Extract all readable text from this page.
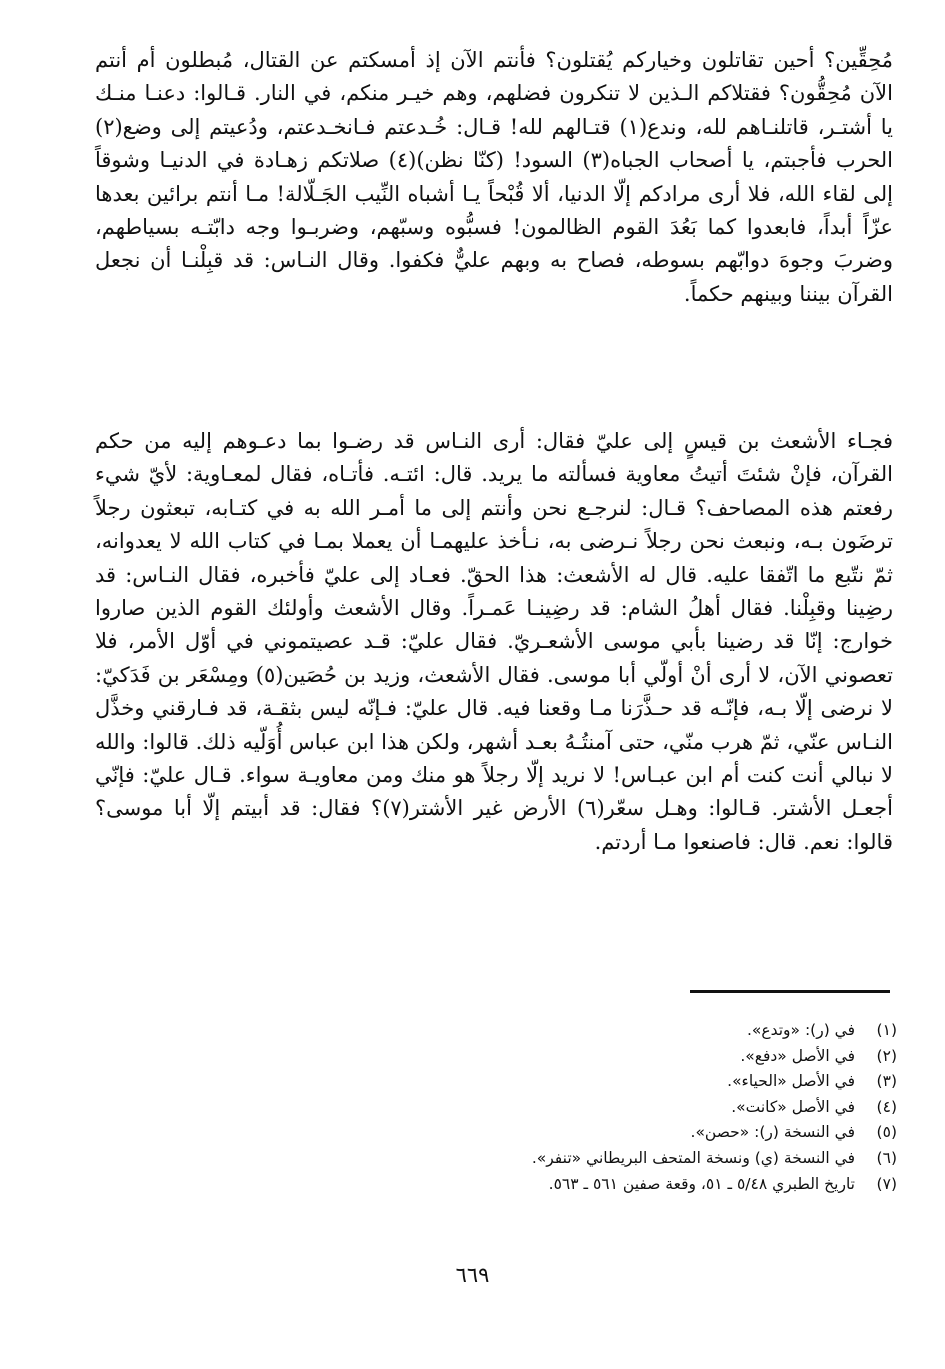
مُحِقِّين؟ أحين تقاتلون وخياركم يُقتلون؟ فأنتم الآن إذ أمسكتم عن القتال، مُبطلون أم أنتم الآن مُحِقُّون؟ فقتلاكم الـذين لا تنكرون فضلهم، وهم خيـر منكم، في النار. قـالوا: دعنـا منـك يا أشتـر، قاتلنـاهم لله، وندع(١) قتـالهم لله! قـال: خُـدعتم فـانخـدعتم، ودُعيتم إلى وضع(٢) الحرب فأجبتم، يا أصحاب الجباه(٣) السود! (كنّا نظن)(٤) صلاتكم زهـادة في الدنيـا وشوقاً إلى لقاء الله، فلا أرى مرادكم إلّا الدنيا، ألا قُبْحاً يـا أشباه النِّيب الجَـلّالة! مـا أنتم برائين بعدها عزّاً أبداً، فابعدوا كما بَعُدَ القوم الظالمون! فسبُّوه وسبّهم، وضربـوا وجه دابّتـه بسياطهم، وضربَ وجوهَ دوابّهم بسوطه، فصاح به وبهم عليٌّ فكفوا. وقال النـاس: قد قبِلْنـا أن نجعل القرآن بيننا وبينهم حكماً.

فجـاء الأشعث بن قيسٍ إلى عليّ فقال: أرى النـاس قد رضـوا بما دعـوهم إليه من حكم القرآن، فإنْ شئتَ أتيتُ معاوية فسألته ما يريد. قال: ائتـه. فأتـاه، فقال لمعـاوية: لأيّ شيء رفعتم هذه المصاحف؟ قـال: لنرجـع نحن وأنتم إلى ما أمـر الله به في كتـابه، تبعثون رجلاً ترضَون بـه، ونبعث نحن رجلاً نـرضى به، نـأخذ عليهمـا أن يعملا بمـا في كتاب الله لا يعدوانه، ثمّ نتّبع ما اتّفقا عليه. قال له الأشعث: هذا الحقّ. فعـاد إلى عليّ فأخبره، فقال النـاس: قد رضِينا وقبِلْنا. فقال أهلُ الشام: قد رضِينـا عَمـراً. وقال الأشعث وأولئك القوم الذين صاروا خوارج: إنّا قد رضينا بأبي موسى الأشعـريّ. فقال عليّ: قـد عصيتموني في أوّل الأمر، فلا تعصوني الآن، لا أرى أنْ أولّي أبا موسى. فقال الأشعث، وزيد بن حُصَين(٥) ومِسْعَر بن فَدَكيّ: لا نرضى إلّا بـه، فإنّـه قد حـذَّرَنا مـا وقعنا فيه. قال عليّ: فـإنّه ليس بثقـة، قد فـارقني وخذَّل النـاس عنّي، ثمّ هرب منّي، حتى آمنتُـهُ بعـد أشهر، ولكن هذا ابن عباس أُوَلّيه ذلك. قالوا: والله لا نبالي أنت كنت أم ابن عبـاس! لا نريد إلّا رجلاً هو منك ومن معاويـة سواء. قـال عليّ: فإنّي أجعـل الأشتر. قـالوا: وهـل سعّر(٦) الأرض غير الأشتر(٧)؟ فقال: قد أبيتم إلّا أبا موسى؟ قالوا: نعم. قال: فاصنعوا مـا أردتم.

(١)
في (ر): «وتدع».
(٢)
في الأصل «دفع».
(٣)
في الأصل «الحياء».
(٤)
في الأصل «كانت».
(٥)
في النسخة (ر): «حصن».
(٦)
في النسخة (ي) ونسخة المتحف البريطاني «تنفر».
(٧)
تاريخ الطبري ٥/٤٨ ـ ٥١، وقعة صفين ٥٦١ ـ ٥٦٣.
٦٦٩
